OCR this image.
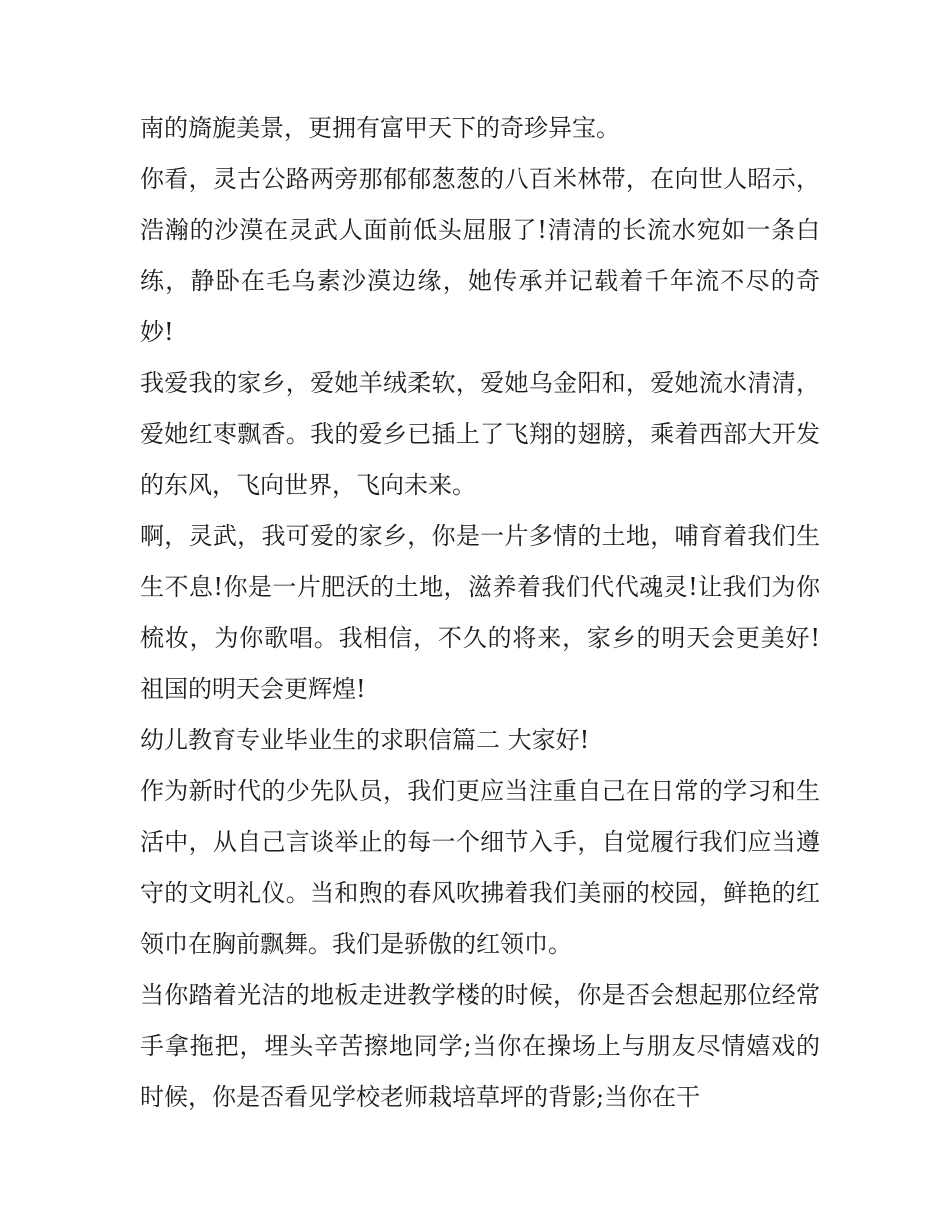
南的旖旎美景，更拥有富甲天下的奇珍异宝。

你看，灵古公路两旁那郁郁葱葱的八百米林带，在向世人昭示，浩瀚的沙漠在灵武人面前低头屈服了!清清的长流水宛如一条白练，静卧在毛乌素沙漠边缘，她传承并记载着千年流不尽的奇妙!

我爱我的家乡，爱她羊绒柔软，爱她乌金阳和，爱她流水清清，爱她红枣飘香。我的爱乡已插上了飞翔的翅膀，乘着西部大开发的东风，飞向世界，飞向未来。

啊，灵武，我可爱的家乡，你是一片多情的土地，哺育着我们生生不息!你是一片肥沃的土地，滋养着我们代代魂灵!让我们为你梳妆，为你歌唱。我相信，不久的将来，家乡的明天会更美好!祖国的明天会更辉煌!

幼儿教育专业毕业生的求职信篇二 大家好!

作为新时代的少先队员，我们更应当注重自己在日常的学习和生活中，从自己言谈举止的每一个细节入手，自觉履行我们应当遵守的文明礼仪。当和煦的春风吹拂着我们美丽的校园，鲜艳的红领巾在胸前飘舞。我们是骄傲的红领巾。

当你踏着光洁的地板走进教学楼的时候，你是否会想起那位经常手拿拖把，埋头辛苦擦地同学;当你在操场上与朋友尽情嬉戏的时候，你是否看见学校老师栽培草坪的背影;当你在干
